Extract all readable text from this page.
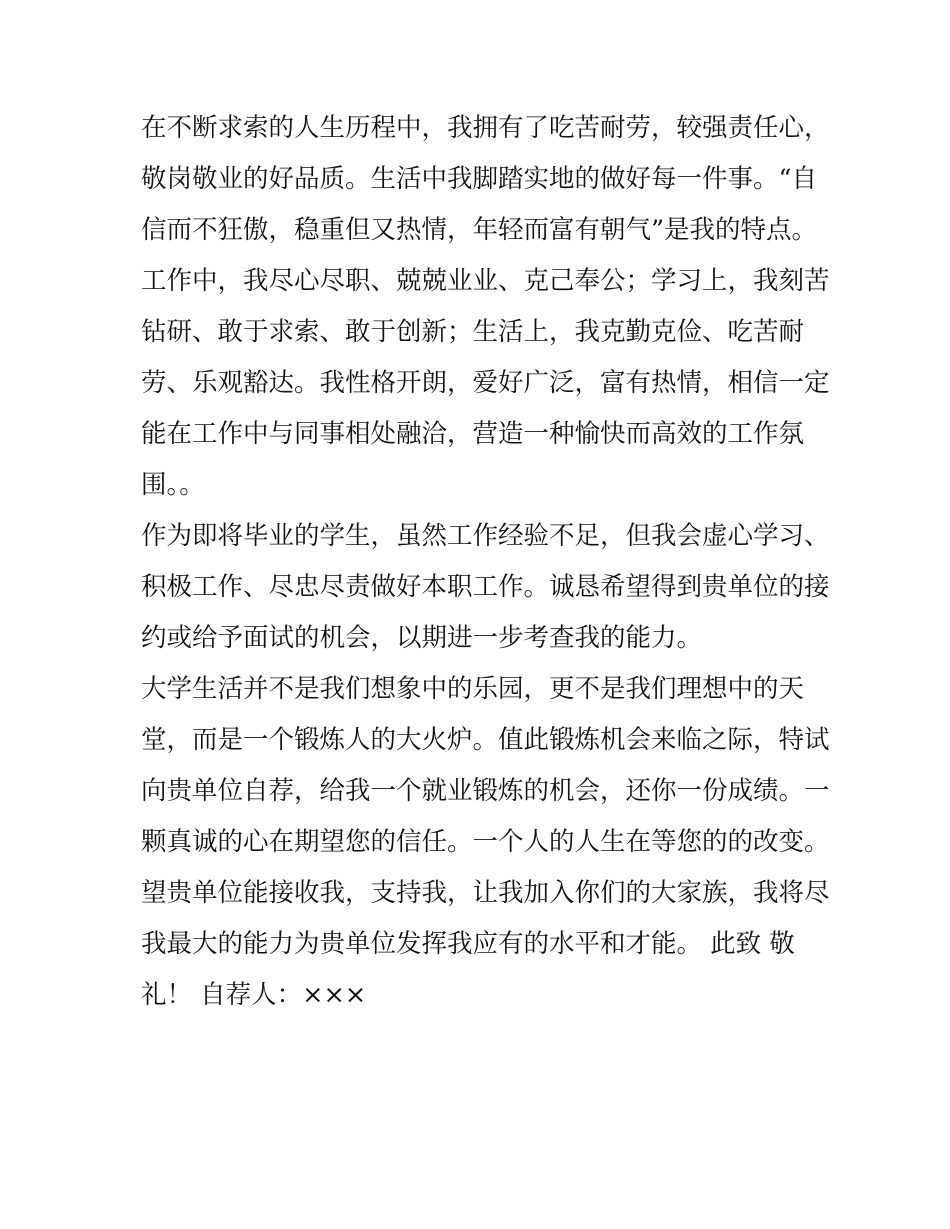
在不断求索的人生历程中，我拥有了吃苦耐劳，较强责任心，
敬岗敬业的好品质。生活中我脚踏实地的做好每一件事。“自
信而不狂傲，稳重但又热情，年轻而富有朝气”是我的特点。
工作中，我尽心尽职、兢兢业业、克己奉公；学习上，我刻苦
钻研、敢于求索、敢于创新；生活上，我克勤克俭、吃苦耐
劳、乐观豁达。我性格开朗，爱好广泛，富有热情，相信一定
能在工作中与同事相处融洽，营造一种愉快而高效的工作氛
围。。
作为即将毕业的学生，虽然工作经验不足，但我会虚心学习、
积极工作、尽忠尽责做好本职工作。诚恳希望得到贵单位的接
约或给予面试的机会，以期进一步考查我的能力。
大学生活并不是我们想象中的乐园，更不是我们理想中的天
堂，而是一个锻炼人的大火炉。值此锻炼机会来临之际，特试
向贵单位自荐，给我一个就业锻炼的机会，还你一份成绩。一
颗真诚的心在期望您的信任。一个人的人生在等您的的改变。
望贵单位能接收我，支持我，让我加入你们的大家族，我将尽
我最大的能力为贵单位发挥我应有的水平和才能。 此致 敬
礼！ 自荐人：×××
